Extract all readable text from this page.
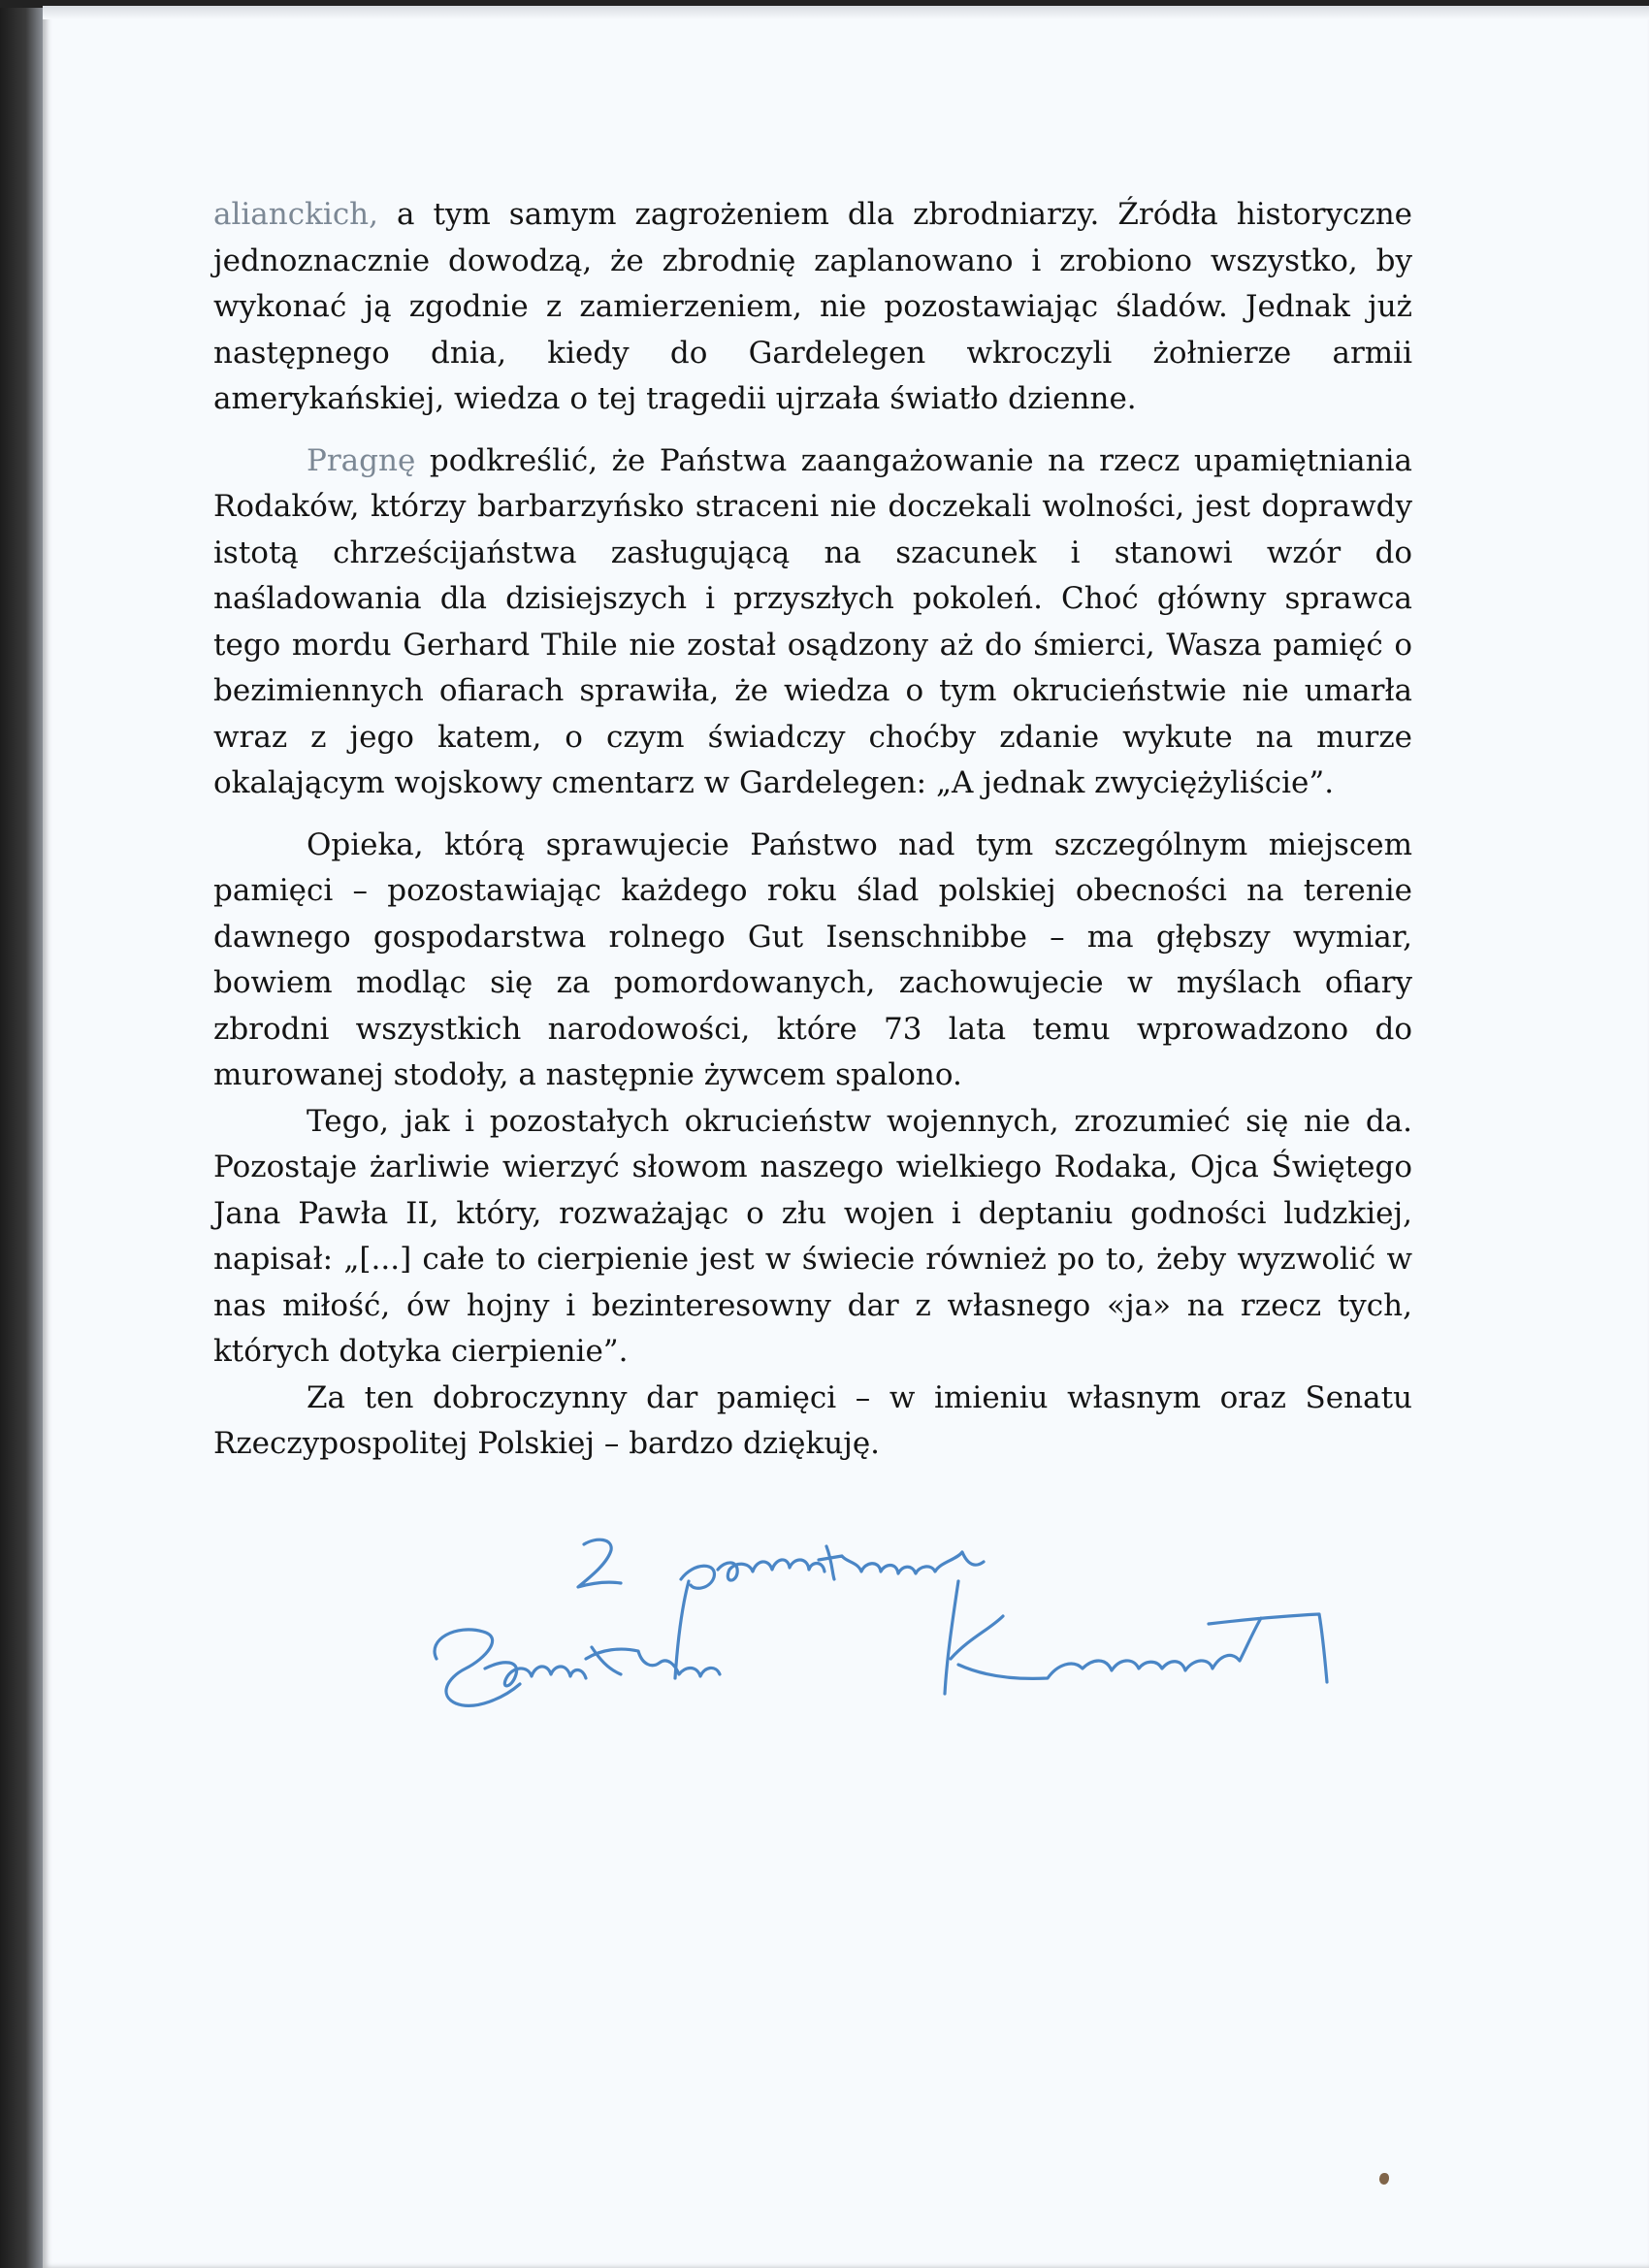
alianckich, a tym samym zagrożeniem dla zbrodniarzy. Źródła historyczne jednoznacznie dowodzą, że zbrodnię zaplanowano i zrobiono wszystko, by wykonać ją zgodnie z zamierzeniem, nie pozostawiając śladów. Jednak już następnego dnia, kiedy do Gardelegen wkroczyli żołnierze armii amerykańskiej, wiedza o tej tragedii ujrzała światło dzienne.

Pragnę podkreślić, że Państwa zaangażowanie na rzecz upamiętniania Rodaków, którzy barbarzyńsko straceni nie doczekali wolności, jest doprawdy istotą chrześcijaństwa zasługującą na szacunek i stanowi wzór do naśladowania dla dzisiejszych i przyszłych pokoleń. Choć główny sprawca tego mordu Gerhard Thile nie został osądzony aż do śmierci, Wasza pamięć o bezimiennych ofiarach sprawiła, że wiedza o tym okrucieństwie nie umarła wraz z jego katem, o czym świadczy choćby zdanie wykute na murze okalającym wojskowy cmentarz w Gardelegen: „A jednak zwyciężyliście”.

Opieka, którą sprawujecie Państwo nad tym szczególnym miejscem pamięci – pozostawiając każdego roku ślad polskiej obecności na terenie dawnego gospodarstwa rolnego Gut Isenschnibbe – ma głębszy wymiar, bowiem modląc się za pomordowanych, zachowujecie w myślach ofiary zbrodni wszystkich narodowości, które 73 lata temu wprowadzono do murowanej stodoły, a następnie żywcem spalono.

Tego, jak i pozostałych okrucieństw wojennych, zrozumieć się nie da. Pozostaje żarliwie wierzyć słowom naszego wielkiego Rodaka, Ojca Świętego Jana Pawła II, który, rozważając o złu wojen i deptaniu godności ludzkiej, napisał: „[...] całe to cierpienie jest w świecie również po to, żeby wyzwolić w nas miłość, ów hojny i bezinteresowny dar z własnego «ja» na rzecz tych, których dotyka cierpienie”.

Za ten dobroczynny dar pamięci – w imieniu własnym oraz Senatu Rzeczypospolitej Polskiej – bardzo dziękuję.
